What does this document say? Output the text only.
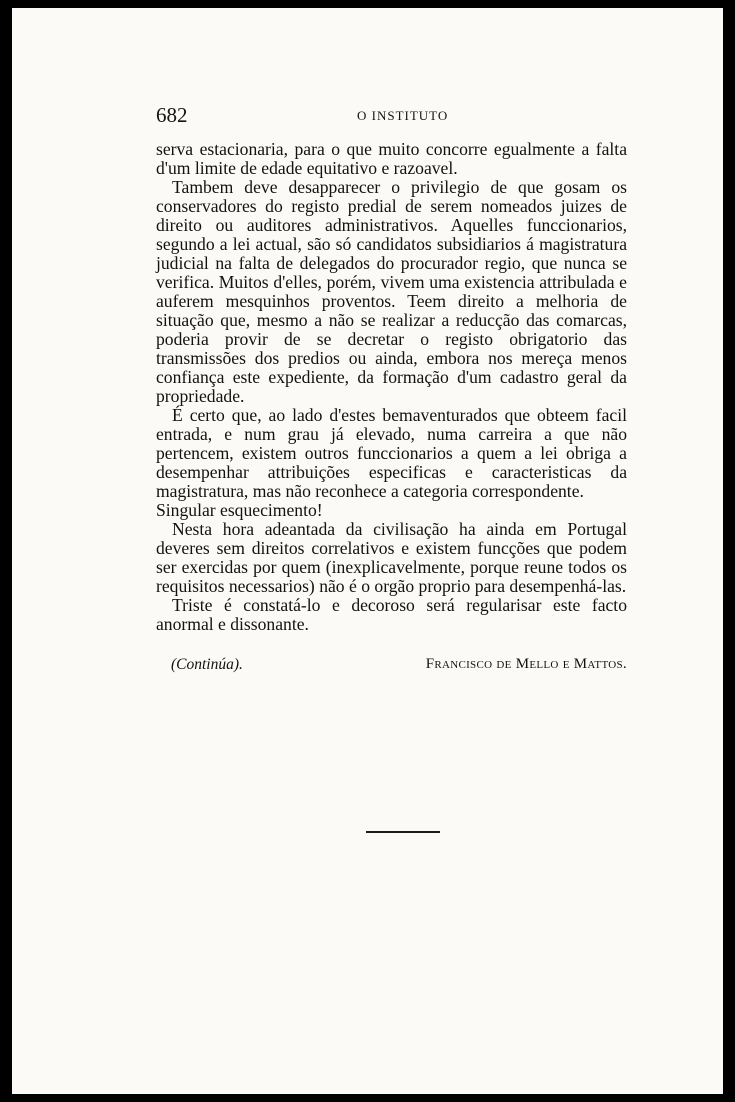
682	O INSTITUTO

serva estacionaria, para o que muito concorre egualmente a falta d'um limite de edade equitativo e razoavel.

Tambem deve desapparecer o privilegio de que gosam os conservadores do registo predial de serem nomeados juizes de direito ou auditores administrativos. Aquelles funccionarios, segundo a lei actual, são só candidatos subsidiarios á magistratura judicial na falta de delegados do procurador regio, que nunca se verifica. Muitos d'elles, porém, vivem uma existencia attribulada e auferem mesquinhos proventos. Teem direito a melhoria de situação que, mesmo a não se realizar a reducção das comarcas, poderia provir de se decretar o registo obrigatorio das transmissões dos predios ou ainda, embora nos mereça menos confiança este expediente, da formação d'um cadastro geral da propriedade.

É certo que, ao lado d'estes bemaventurados que obteem facil entrada, e num grau já elevado, numa carreira a que não pertencem, existem outros funccionarios a quem a lei obriga a desempenhar attribuições especificas e caracteristicas da magistratura, mas não reconhece a categoria correspondente.

Singular esquecimento!

Nesta hora adeantada da civilisação ha ainda em Portugal deveres sem direitos correlativos e existem funcções que podem ser exercidas por quem (inexplicavelmente, porque reune todos os requisitos necessarios) não é o orgão proprio para desempenhá-las.

Triste é constatá-lo e decoroso será regularisar este facto anormal e dissonante.

(Continúa).	Francisco de Mello e Mattos.
